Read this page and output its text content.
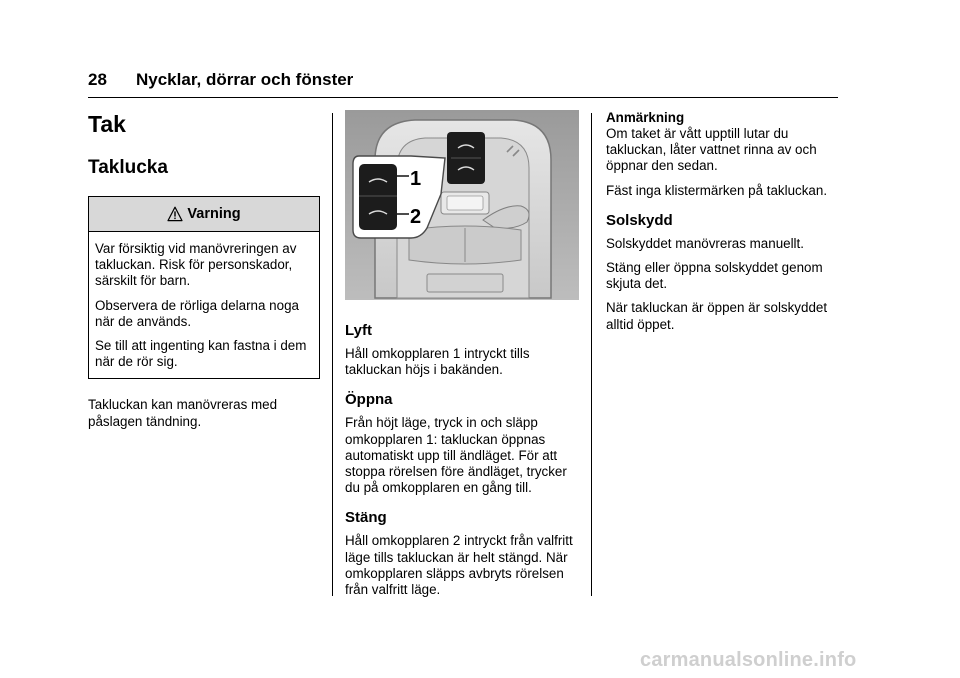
28 Nycklar, dörrar och fönster
Tak
Taklucka
Varning

Var försiktig vid manövreringen av takluckan. Risk för personskador, särskilt för barn.

Observera de rörliga delarna noga när de används.

Se till att ingenting kan fastna i dem när de rör sig.

Takluckan kan manövreras med påslagen tändning.

1
2
Lyft

Håll omkopplaren 1 intryckt tills takluckan höjs i bakänden.

Öppna

Från höjt läge, tryck in och släpp omkopplaren 1: takluckan öppnas automatiskt upp till ändläget. För att stoppa rörelsen före ändläget, trycker du på omkopplaren en gång till.

Stäng

Håll omkopplaren 2 intryckt från valfritt läge tills takluckan är helt stängd. När omkopplaren släpps avbryts rörelsen från valfritt läge.

Anmärkning

Om taket är vått upptill lutar du takluckan, låter vattnet rinna av och öppnar den sedan.

Fäst inga klistermärken på takluckan.

Solskydd

Solskyddet manövreras manuellt.

Stäng eller öppna solskyddet genom skjuta det.

När takluckan är öppen är solskyddet alltid öppet.

carmanualsonline.info
